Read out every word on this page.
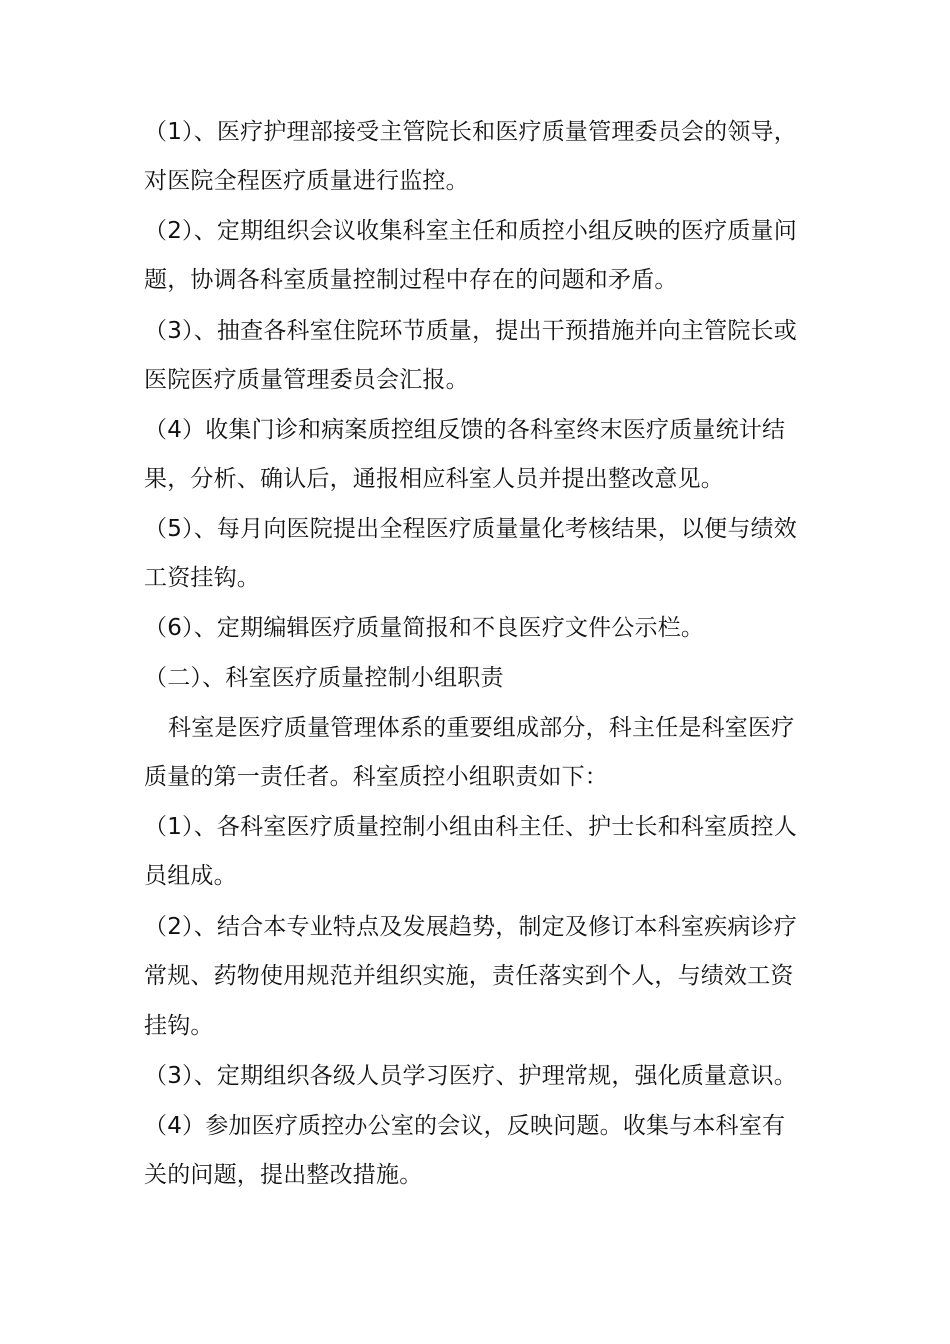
（1）、医疗护理部接受主管院长和医疗质量管理委员会的领导，
对医院全程医疗质量进行监控。
（2）、定期组织会议收集科室主任和质控小组反映的医疗质量问
题，协调各科室质量控制过程中存在的问题和矛盾。
（3）、抽查各科室住院环节质量，提出干预措施并向主管院长或
医院医疗质量管理委员会汇报。
（4）收集门诊和病案质控组反馈的各科室终末医疗质量统计结
果，分析、确认后，通报相应科室人员并提出整改意见。
（5）、每月向医院提出全程医疗质量量化考核结果，以便与绩效
工资挂钩。
（6）、定期编辑医疗质量简报和不良医疗文件公示栏。
（二）、科室医疗质量控制小组职责
科室是医疗质量管理体系的重要组成部分，科主任是科室医疗
质量的第一责任者。科室质控小组职责如下：
（1）、各科室医疗质量控制小组由科主任、护士长和科室质控人
员组成。
（2）、结合本专业特点及发展趋势，制定及修订本科室疾病诊疗
常规、药物使用规范并组织实施，责任落实到个人，与绩效工资
挂钩。
（3）、定期组织各级人员学习医疗、护理常规，强化质量意识。
（4）参加医疗质控办公室的会议，反映问题。收集与本科室有
关的问题，提出整改措施。
